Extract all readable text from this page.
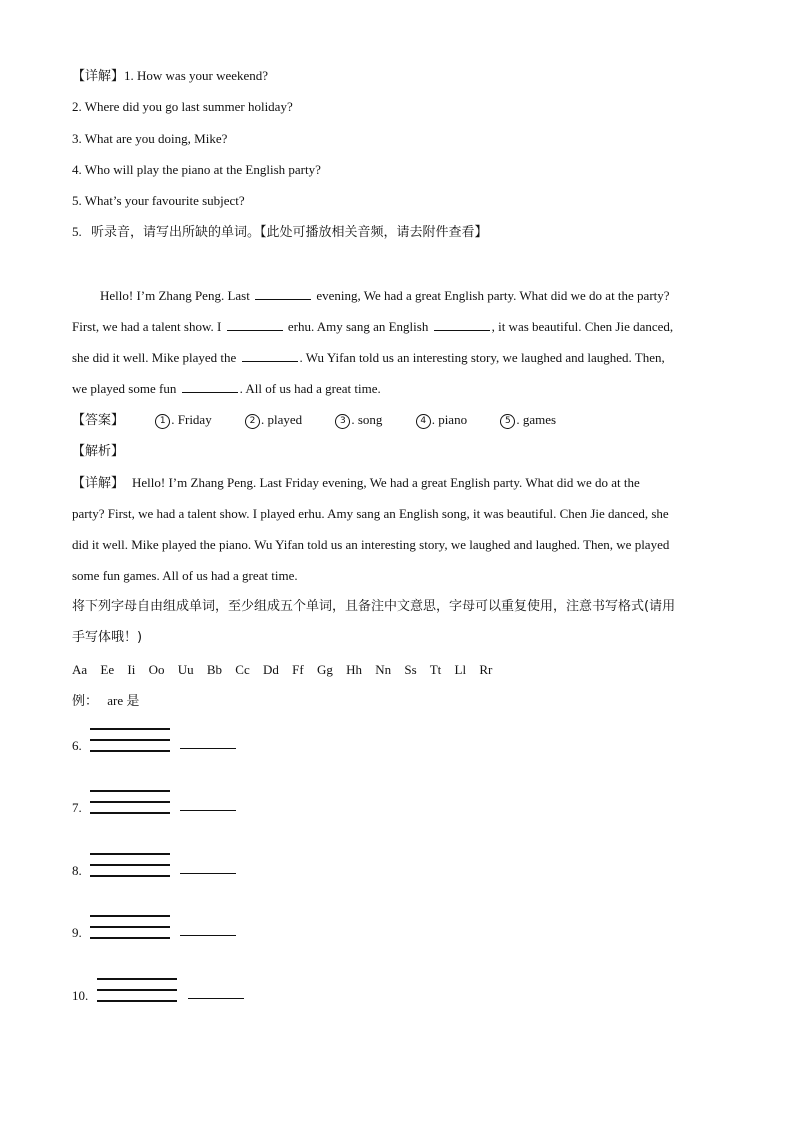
【详解】1. How was your weekend?
2. Where did you go last summer holiday?
3. What are you doing, Mike?
4. Who will play the piano at the English party?
5. What’s your favourite subject?
5. 听录音，请写出所缺的单词。【此处可播放相关音频，请去附件查看】
Hello! I’m Zhang Peng. Last	evening, We had a great English party. What did we do at the party?
First, we had a talent show. I	erhu. Amy sang an English	, it was beautiful. Chen Jie danced,
she did it well. Mike played the	. Wu Yifan told us an interesting story, we laughed and laughed. Then,
we played some fun	. All of us had a great time.
【答案】	1 . Friday	2 . played	3 . song	4 . piano	5 . games
【解析】
【详解】 Hello! I’m Zhang Peng. Last Friday evening, We had a great English party. What did we do at the
party? First, we had a talent show. I played erhu. Amy sang an English song, it was beautiful. Chen Jie danced, she
did it well. Mike played the piano. Wu Yifan told us an interesting story, we laughed and laughed. Then, we played
some fun games. All of us had a great time.
将下列字母自由组成单词，至少组成五个单词，且备注中文意思，字母可以重复使用，注意书写格式(请用
手写体哦！)
Aa Ee Ii Oo Uu Bb Cc Dd Ff Gg Hh Nn Ss Tt Ll Rr
例： are 是
6.
7.
8.
9.
10.
